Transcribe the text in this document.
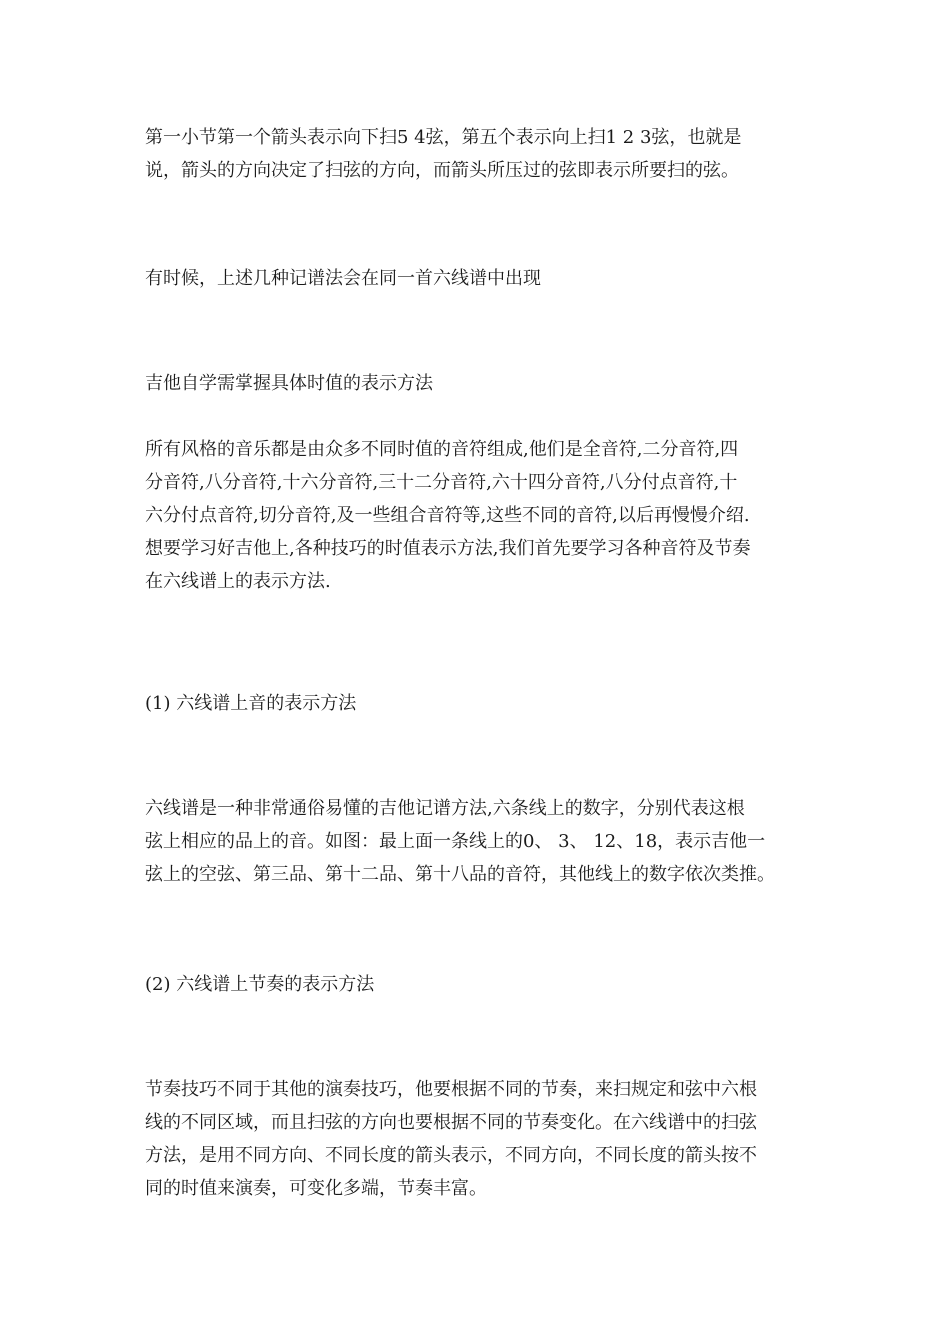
第一小节第一个箭头表示向下扫5 4弦，第五个表示向上扫1 2 3弦，也就是
说，箭头的方向决定了扫弦的方向，而箭头所压过的弦即表示所要扫的弦。

有时候，上述几种记谱法会在同一首六线谱中出现

吉他自学需掌握具体时值的表示方法

所有风格的音乐都是由众多不同时值的音符组成,他们是全音符,二分音符,四
分音符,八分音符,十六分音符,三十二分音符,六十四分音符,八分付点音符,十
六分付点音符,切分音符,及一些组合音符等,这些不同的音符,以后再慢慢介绍.
想要学习好吉他上,各种技巧的时值表示方法,我们首先要学习各种音符及节奏
在六线谱上的表示方法.

(1) 六线谱上音的表示方法

六线谱是一种非常通俗易懂的吉他记谱方法,六条线上的数字，分别代表这根
弦上相应的品上的音。如图：最上面一条线上的0、 3、 12、18，表示吉他一
弦上的空弦、第三品、第十二品、第十八品的音符，其他线上的数字依次类推。

(2) 六线谱上节奏的表示方法

节奏技巧不同于其他的演奏技巧，他要根据不同的节奏，来扫规定和弦中六根
线的不同区域，而且扫弦的方向也要根据不同的节奏变化。在六线谱中的扫弦
方法，是用不同方向、不同长度的箭头表示，不同方向，不同长度的箭头按不
同的时值来演奏，可变化多端，节奏丰富。
